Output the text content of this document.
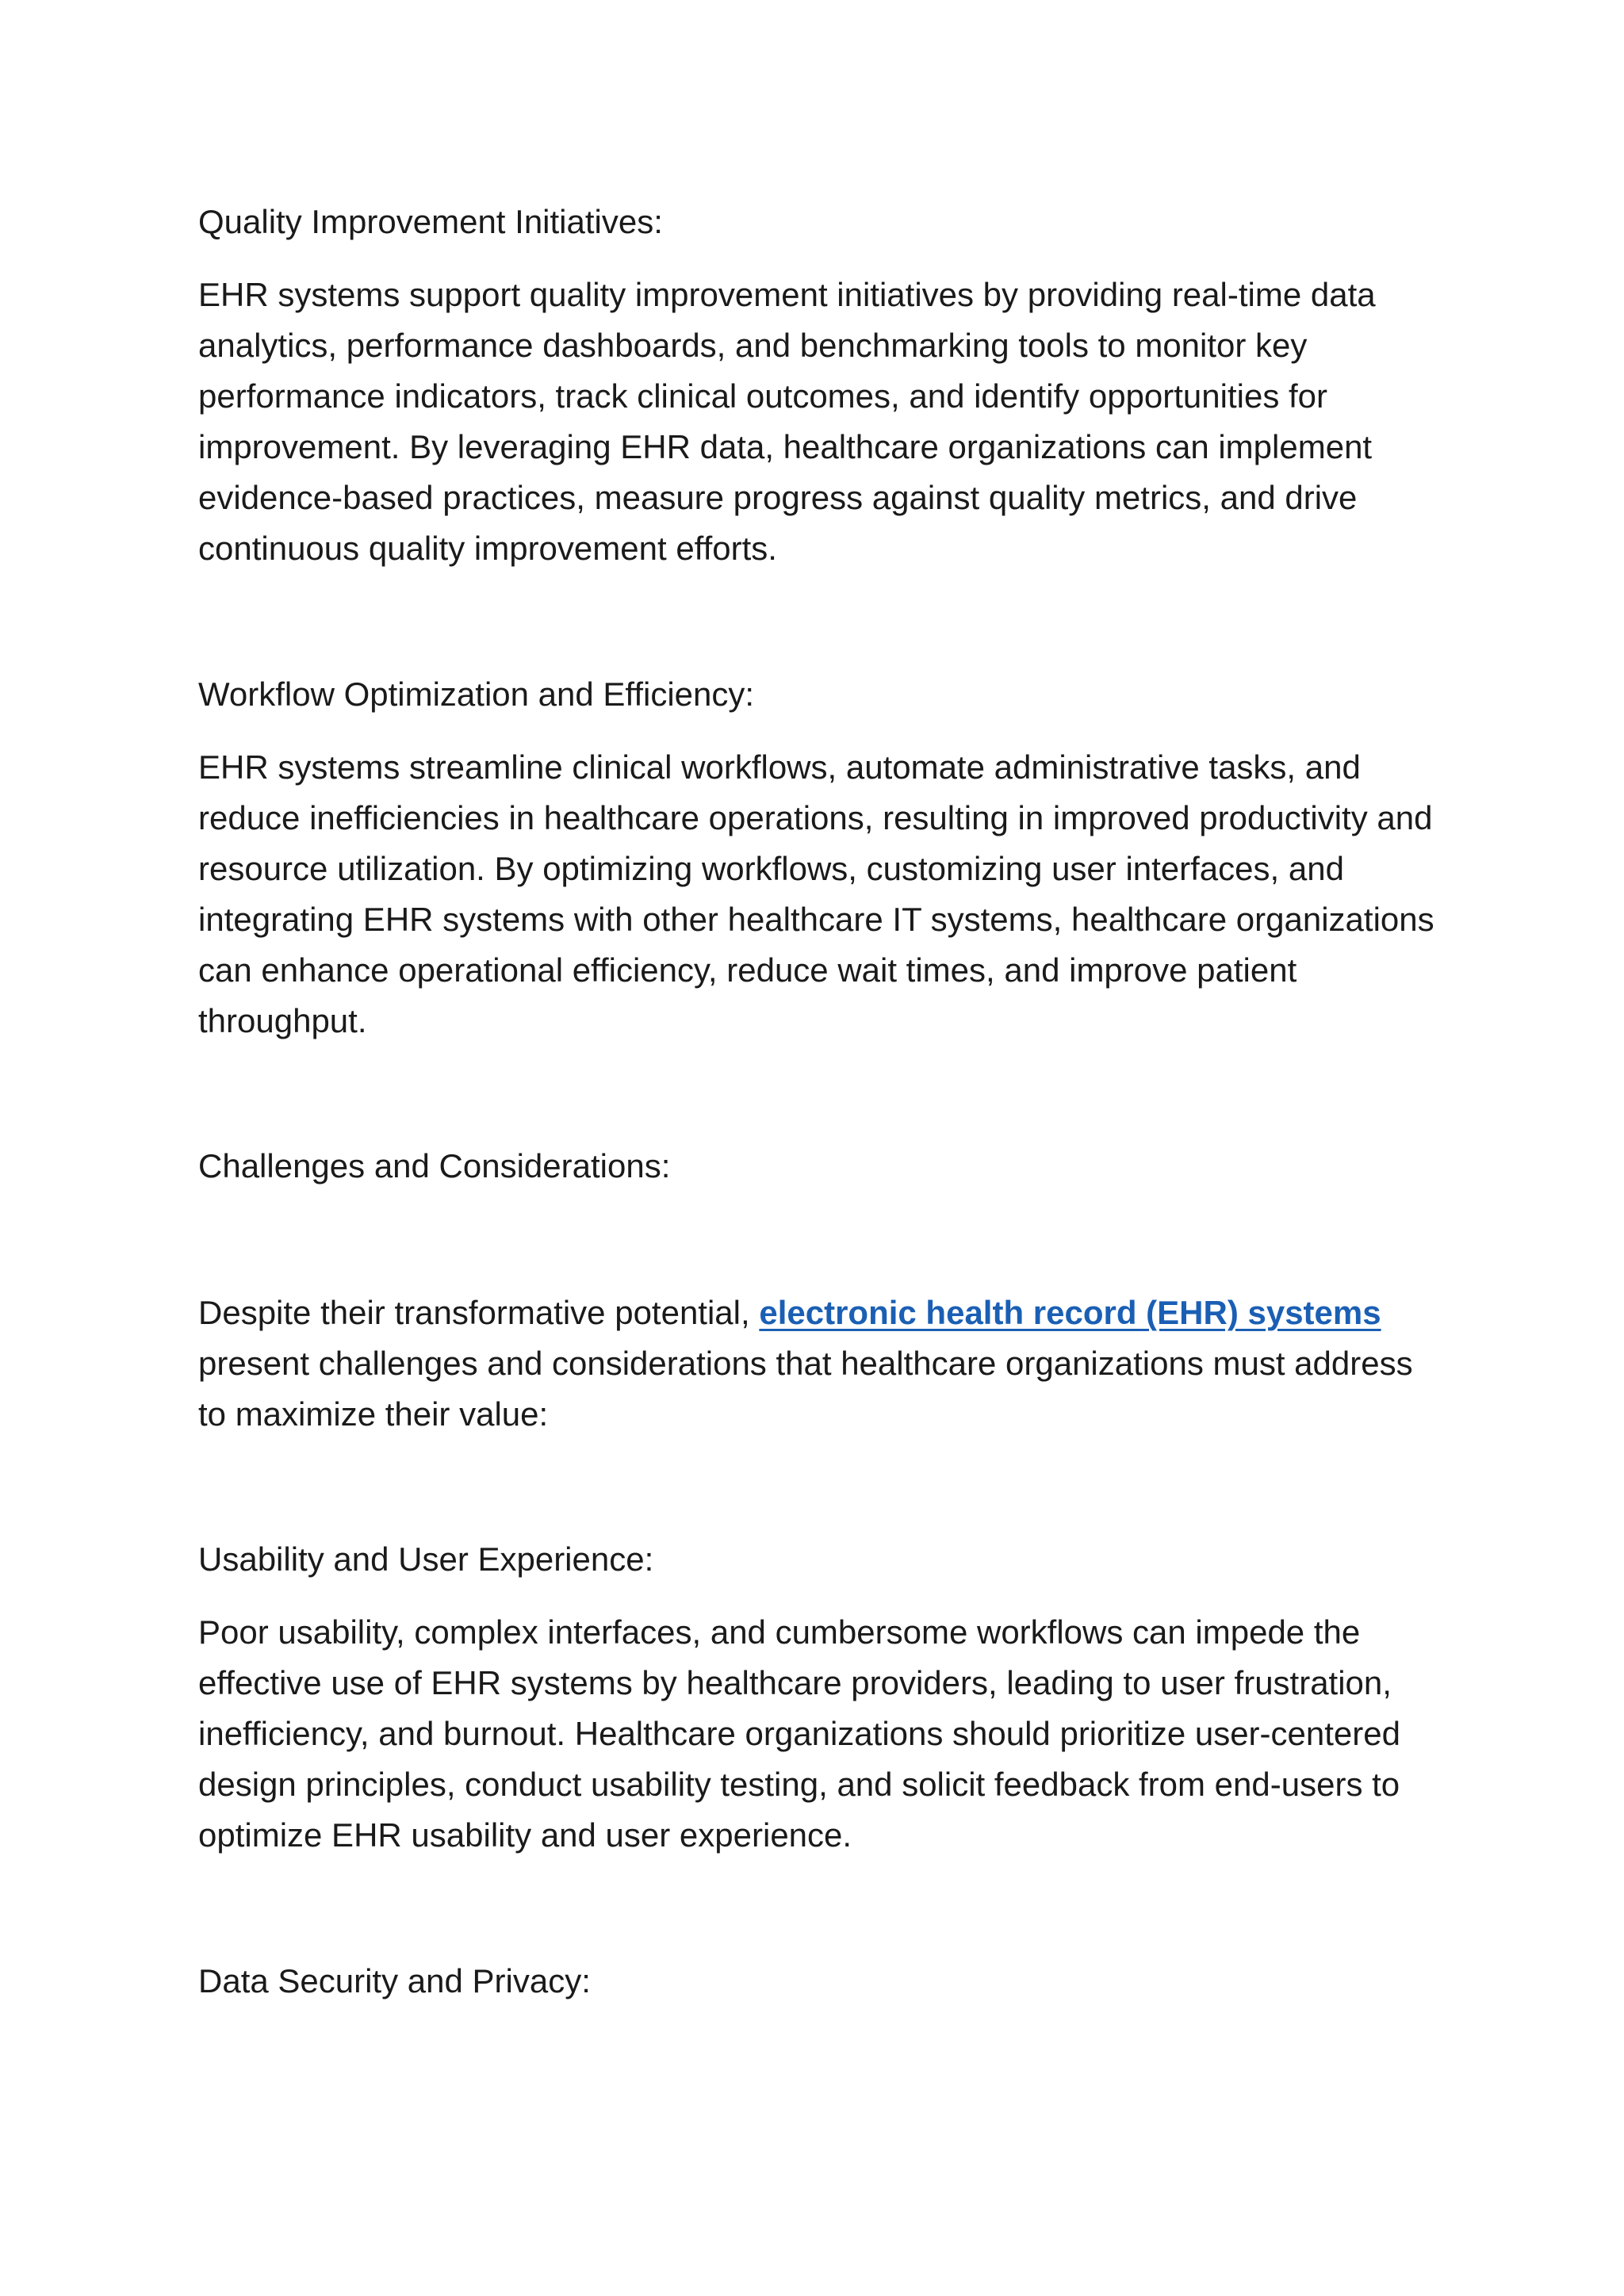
Quality Improvement Initiatives:

EHR systems support quality improvement initiatives by providing real-time data analytics, performance dashboards, and benchmarking tools to monitor key performance indicators, track clinical outcomes, and identify opportunities for improvement. By leveraging EHR data, healthcare organizations can implement evidence-based practices, measure progress against quality metrics, and drive continuous quality improvement efforts.

Workflow Optimization and Efficiency:

EHR systems streamline clinical workflows, automate administrative tasks, and reduce inefficiencies in healthcare operations, resulting in improved productivity and resource utilization. By optimizing workflows, customizing user interfaces, and integrating EHR systems with other healthcare IT systems, healthcare organizations can enhance operational efficiency, reduce wait times, and improve patient throughput.

Challenges and Considerations:

Despite their transformative potential, electronic health record (EHR) systems present challenges and considerations that healthcare organizations must address to maximize their value:

Usability and User Experience:

Poor usability, complex interfaces, and cumbersome workflows can impede the effective use of EHR systems by healthcare providers, leading to user frustration, inefficiency, and burnout. Healthcare organizations should prioritize user-centered design principles, conduct usability testing, and solicit feedback from end-users to optimize EHR usability and user experience.

Data Security and Privacy:
